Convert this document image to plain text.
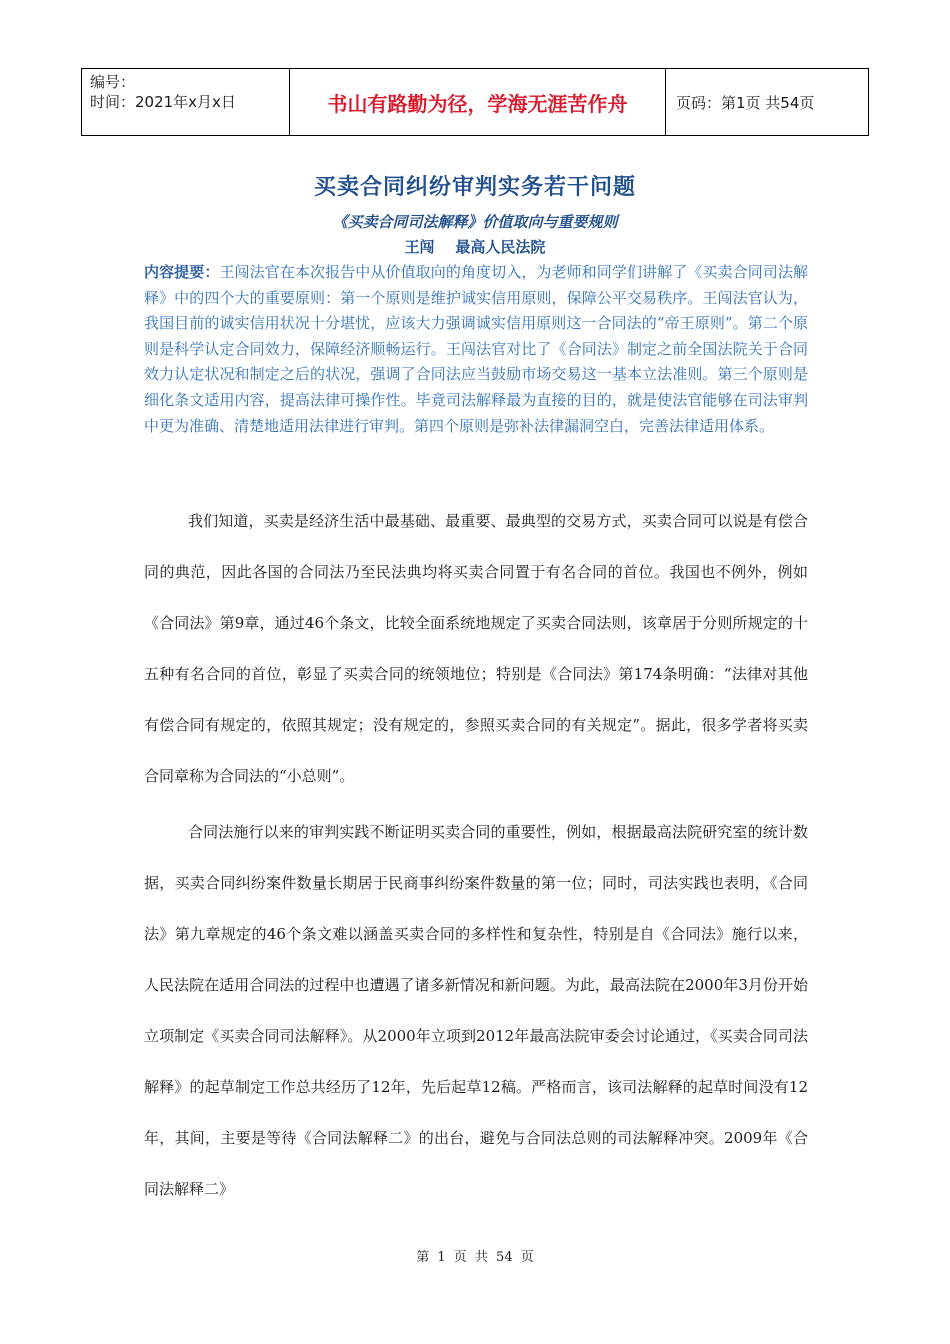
编号：
时间：2021年x月x日	书山有路勤为径，学海无涯苦作舟	页码：第1页 共54页
买卖合同纠纷审判实务若干问题
《买卖合同司法解释》价值取向与重要规则
王闯    最高人民法院
内容提要：王闯法官在本次报告中从价值取向的角度切入，为老师和同学们讲解了《买卖合同司法解释》中的四个大的重要原则：第一个原则是维护诚实信用原则，保障公平交易秩序。王闯法官认为，我国目前的诚实信用状况十分堪忧，应该大力强调诚实信用原则这一合同法的“帝王原则”。第二个原则是科学认定合同效力，保障经济顺畅运行。王闯法官对比了《合同法》制定之前全国法院关于合同效力认定状况和制定之后的状况，强调了合同法应当鼓励市场交易这一基本立法准则。第三个原则是细化条文适用内容，提高法律可操作性。毕竟司法解释最为直接的目的，就是使法官能够在司法审判中更为准确、清楚地适用法律进行审判。第四个原则是弥补法律漏洞空白，完善法律适用体系。
我们知道，买卖是经济生活中最基础、最重要、最典型的交易方式，买卖合同可以说是有偿合同的典范，因此各国的合同法乃至民法典均将买卖合同置于有名合同的首位。我国也不例外，例如《合同法》第9章，通过46个条文，比较全面系统地规定了买卖合同法则，该章居于分则所规定的十五种有名合同的首位，彰显了买卖合同的统领地位；特别是《合同法》第174条明确：“法律对其他有偿合同有规定的，依照其规定；没有规定的，参照买卖合同的有关规定”。据此，很多学者将买卖合同章称为合同法的“小总则”。
合同法施行以来的审判实践不断证明买卖合同的重要性，例如，根据最高法院研究室的统计数据，买卖合同纠纷案件数量长期居于民商事纠纷案件数量的第一位；同时，司法实践也表明，《合同法》第九章规定的46个条文难以涵盖买卖合同的多样性和复杂性，特别是自《合同法》施行以来，人民法院在适用合同法的过程中也遭遇了诸多新情况和新问题。为此，最高法院在2000年3月份开始立项制定《买卖合同司法解释》。从2000年立项到2012年最高法院审委会讨论通过，《买卖合同司法解释》的起草制定工作总共经历了12年，先后起草12稿。严格而言，该司法解释的起草时间没有12年，其间，主要是等待《合同法解释二》的出台，避免与合同法总则的司法解释冲突。2009年《合同法解释二》
第 1 页 共 54 页
